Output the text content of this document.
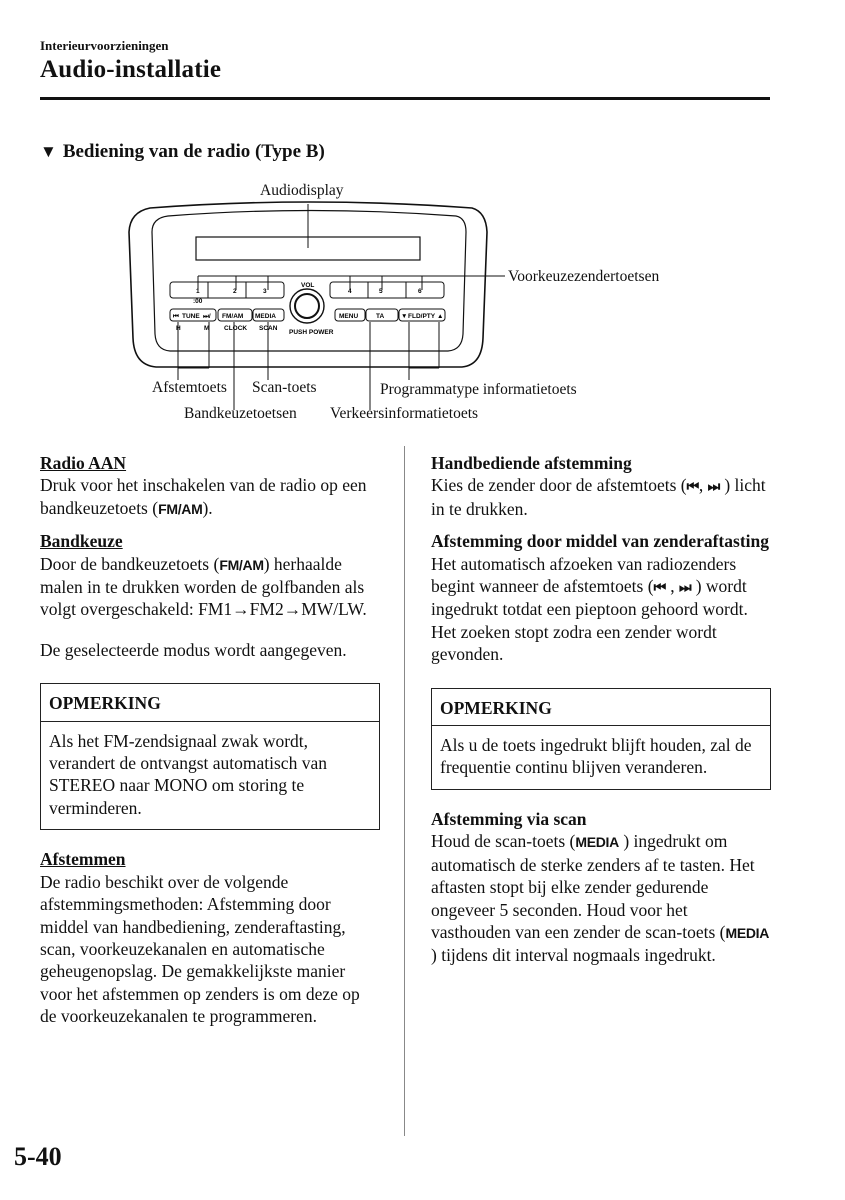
Interieurvoorzieningen
Audio-installatie
▼ Bediening van de radio (Type B)
1	2	3	4	5	6
:00
VOL
PUSH POWER
⏮ TUNE ⏭/ FM/AM MEDIA
H	M CLOCK SCAN
MENU	TA	▼ FLD/PTY ▲
Audiodisplay
Voorkeuzezendertoetsen
Afstemtoets Scan-toets	Programmatype informatietoets
Bandkeuzetoetsen Verkeersinformatietoets

Radio AAN

Druk voor het inschakelen van de radio op een bandkeuzetoets (FM/AM).

Bandkeuze

Door de bandkeuzetoets (FM/AM) herhaalde malen in te drukken worden de golfbanden als volgt overgeschakeld: FM1→FM2→MW/LW.

De geselecteerde modus wordt aangegeven.

OPMERKING
Als het FM-zendsignaal zwak wordt, verandert de ontvangst automatisch van STEREO naar MONO om storing te verminderen.

Afstemmen

De radio beschikt over de volgende afstemmingsmethoden: Afstemming door middel van handbediening, zenderaftasting, scan, voorkeuzekanalen en automatische geheugenopslag. De gemakkelijkste manier voor het afstemmen op zenders is om deze op de voorkeuzekanalen te programmeren.

Handbediende afstemming

Kies de zender door de afstemtoets (⏮, ⏭ ) licht in te drukken.

Afstemming door middel van zenderaftasting

Het automatisch afzoeken van radiozenders begint wanneer de afstemtoets (⏮ , ⏭ ) wordt ingedrukt totdat een pieptoon gehoord wordt. Het zoeken stopt zodra een zender wordt gevonden.

OPMERKING
Als u de toets ingedrukt blijft houden, zal de frequentie continu blijven veranderen.

Afstemming via scan

Houd de scan-toets (MEDIA ) ingedrukt om automatisch de sterke zenders af te tasten. Het aftasten stopt bij elke zender gedurende ongeveer 5 seconden. Houd voor het vasthouden van een zender de scan-toets (MEDIA ) tijdens dit interval nogmaals ingedrukt.

5-40
